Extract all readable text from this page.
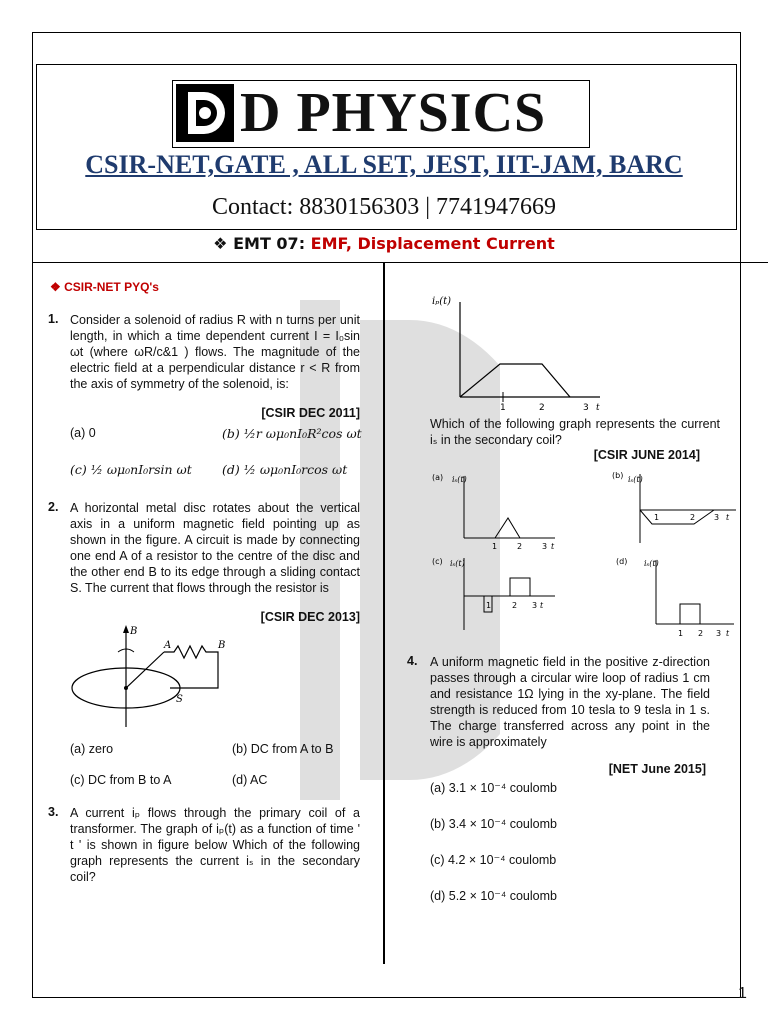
D PHYSICS
CSIR-NET,GATE , ALL SET, JEST, IIT-JAM, BARC
Contact: 8830156303 | 7741947669
❖ EMT 07: EMF, Displacement Current
❖ CSIR-NET PYQ's
1. Consider a solenoid of radius R with n turns per unit length, in which a time dependent current I = I₀sin ωt (where ωR/c&1 ) flows. The magnitude of the electric field at a perpendicular distance r < R from the axis of symmetry of the solenoid, is:
[CSIR DEC 2011]
(a) 0	(b) ½r ωμ₀nI₀R²cos ωt
(c) ½ ωμ₀nI₀rsin ωt (d) ½ ωμ₀nI₀rcos ωt
2. A horizontal metal disc rotates about the vertical axis in a uniform magnetic field pointing up as shown in the figure. A circuit is made by connecting one end A of a resistor to the centre of the disc and the other end B to its edge through a sliding contact S. The current that flows through the resistor is
[CSIR DEC 2013]
B
A	B
S
(a) zero	(b) DC from A to B
(c) DC from B to A	(d) AC
3. A current iₚ flows through the primary coil of a transformer. The graph of iₚ(t) as a function of time ' t ' is shown in figure below Which of the following graph represents the current iₛ in the secondary coil?
iₚ(t)
1	2	3 t
Which of the following graph represents the current iₛ in the secondary coil?
[CSIR JUNE 2014]
(a) iₛ(t)
1 2 3 t
(b) iₛ(t)
1	2 3 t
(c) iₛ(t)
1	2 3 t
(d) iₛ(t)
1 2 3 t
4. A uniform magnetic field in the positive z-direction passes through a circular wire loop of radius 1 cm and resistance 1Ω lying in the xy-plane. The field strength is reduced from 10 tesla to 9 tesla in 1 s. The charge transferred across any point in the wire is approximately
[NET June 2015]
(a) 3.1 × 10⁻⁴ coulomb
(b) 3.4 × 10⁻⁴ coulomb
(c) 4.2 × 10⁻⁴ coulomb
(d) 5.2 × 10⁻⁴ coulomb
1
